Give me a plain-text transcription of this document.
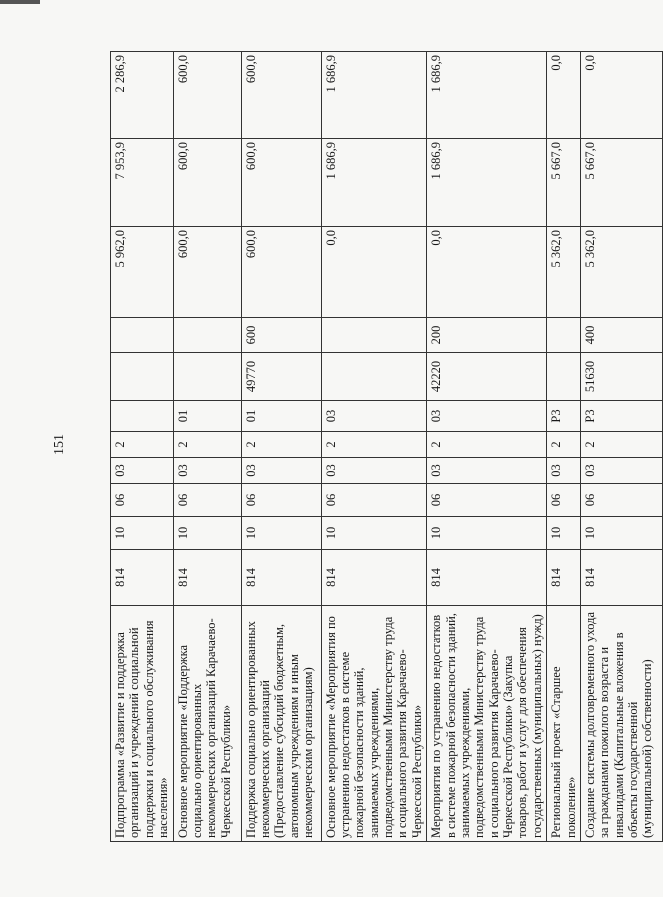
151
Подпрограмма «Развитие и поддержка организаций и учреждений социальной поддержки и социального обслуживания населения»	814	10	06	03	2				5 962,0	7 953,9	2 286,9
Основное мероприятие «Поддержка социально ориентированных некоммерческих организаций Карачаево-Черкесской Республики»	814	10	06	03	2	01			600,0	600,0	600,0
Поддержка социально ориентированных некоммерческих организаций (Предоставление субсидий бюджетным, автономным учреждениям и иным некоммерческим организациям)	814	10	06	03	2	01	49770	600	600,0	600,0	600,0
Основное мероприятие «Мероприятия по устранению недостатков в системе пожарной безопасности зданий, занимаемых учреждениями, подведомственными Министерству труда и социального развития Карачаево-Черкесской Республики»	814	10	06	03	2	03			0,0	1 686,9	1 686,9
Мероприятия по устранению недостатков в системе пожарной безопасности зданий, занимаемых учреждениями, подведомственными Министерству труда и социального развития Карачаево-Черкесской Республики» (Закупка товаров, работ и услуг для обеспечения государственных (муниципальных) нужд)	814	10	06	03	2	03	42220	200	0,0	1 686,9	1 686,9
Региональный проект «Старшее поколение»	814	10	06	03	2	P3			5 362,0	5 667,0	0,0
Создание системы долговременного ухода за гражданами пожилого возраста и инвалидами (Капитальные вложения в объекты государственной (муниципальной) собственности)	814	10	06	03	2	P3	51630	400	5 362,0	5 667,0	0,0
